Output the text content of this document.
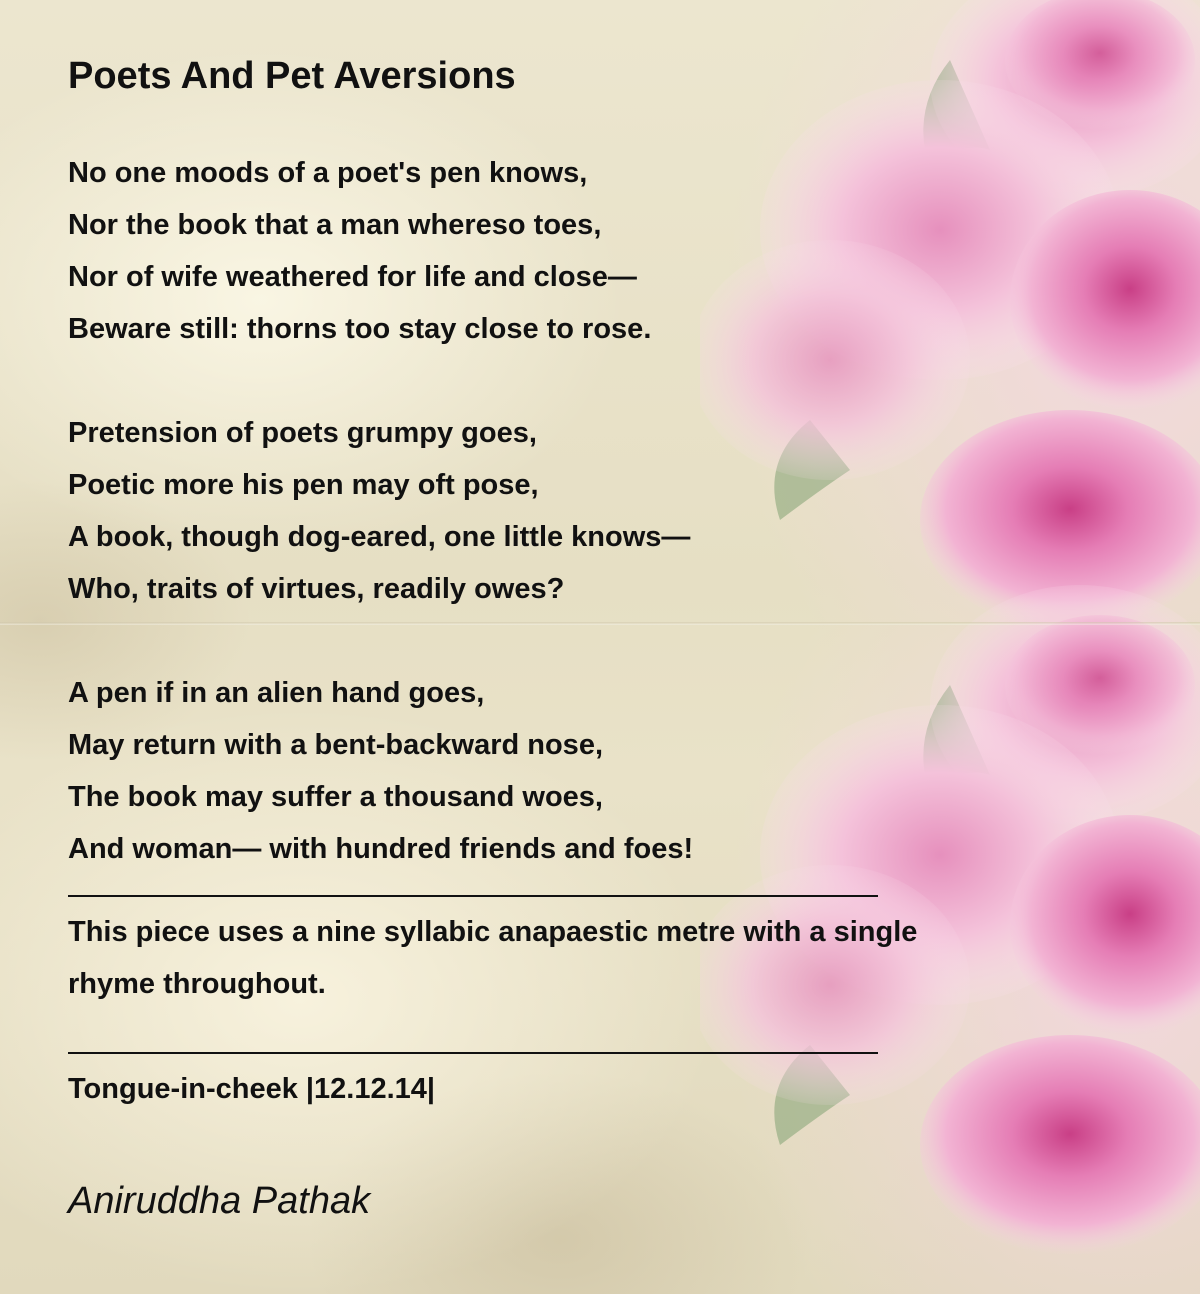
Poets And Pet Aversions
No one moods of a poet's pen knows,
Nor the book that a man whereso toes,
Nor of wife weathered for life and close—
Beware still: thorns too stay close to rose.
Pretension of poets grumpy goes,
Poetic more his pen may oft pose,
A book, though dog-eared, one little knows—
Who, traits of virtues, readily owes?
A pen if in an alien hand goes,
May return with a bent-backward nose,
The book may suffer a thousand woes,
And woman— with hundred friends and foes!
This piece uses a nine syllabic anapaestic metre with a single
rhyme throughout.
Tongue-in-cheek |12.12.14|
Aniruddha Pathak
